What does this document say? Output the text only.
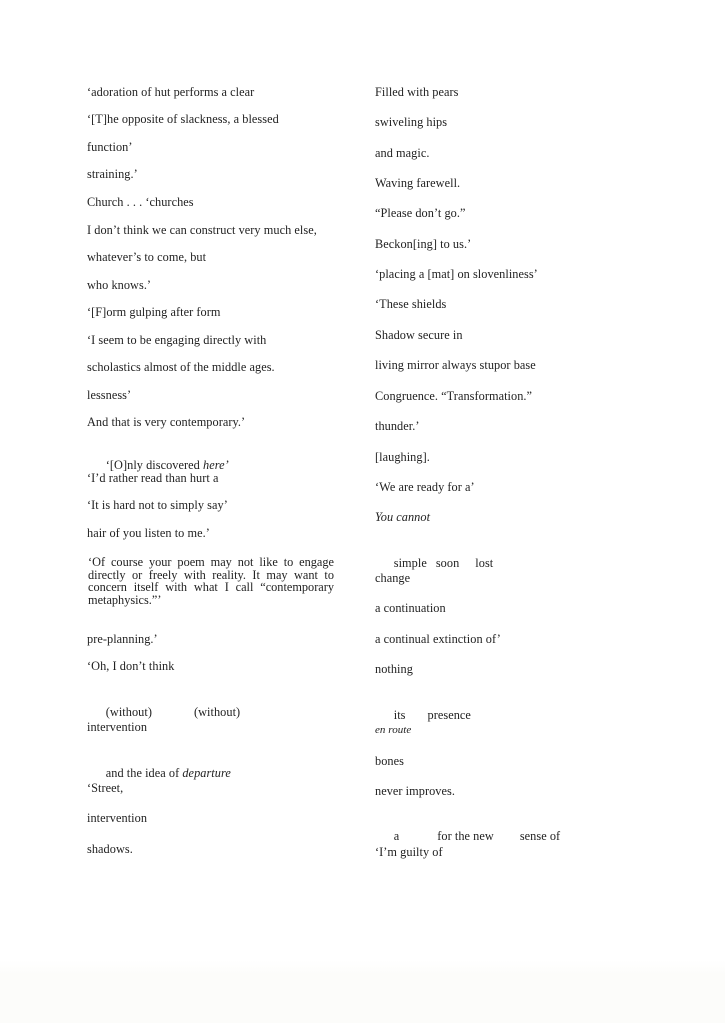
‘adoration of hut performs a clear
‘[T]he opposite of slackness, a blessed
function’
straining.’
Church . . . ‘churches
I don’t think we can construct very much else,
whatever’s to come, but
who knows.’
‘[F]orm gulping after form
‘I seem to be engaging directly with
scholastics almost of the middle ages.
lessness’
And that is very contemporary.’

‘[O]nly discovered here’

‘I’d rather read than hurt a
‘It is hard not to simply say’
hair of you listen to me.’
‘Of course your poem may not like to engage directly or freely with reality. It may want to concern itself with what I call “contemporary metaphysics.”’
pre-planning.’
‘Oh, I don’t think

(without)	(without)

intervention

and the idea of departure

‘Street,
intervention
shadows.
Filled with pears
swiveling hips
and magic.
Waving farewell.
“Please don’t go.”
Beckon[ing] to us.’
‘placing a [mat] on slovenliness’
‘These shields
Shadow secure in
living mirror always stupor base
Congruence. “Transformation.”
thunder.’
[laughing].
‘We are ready for a’
You cannot

simple soon lost

change
a continuation
a continual extinction of’
nothing

its presence

en route
bones
never improves.

a	for the new sense of

‘I’m guilty of
